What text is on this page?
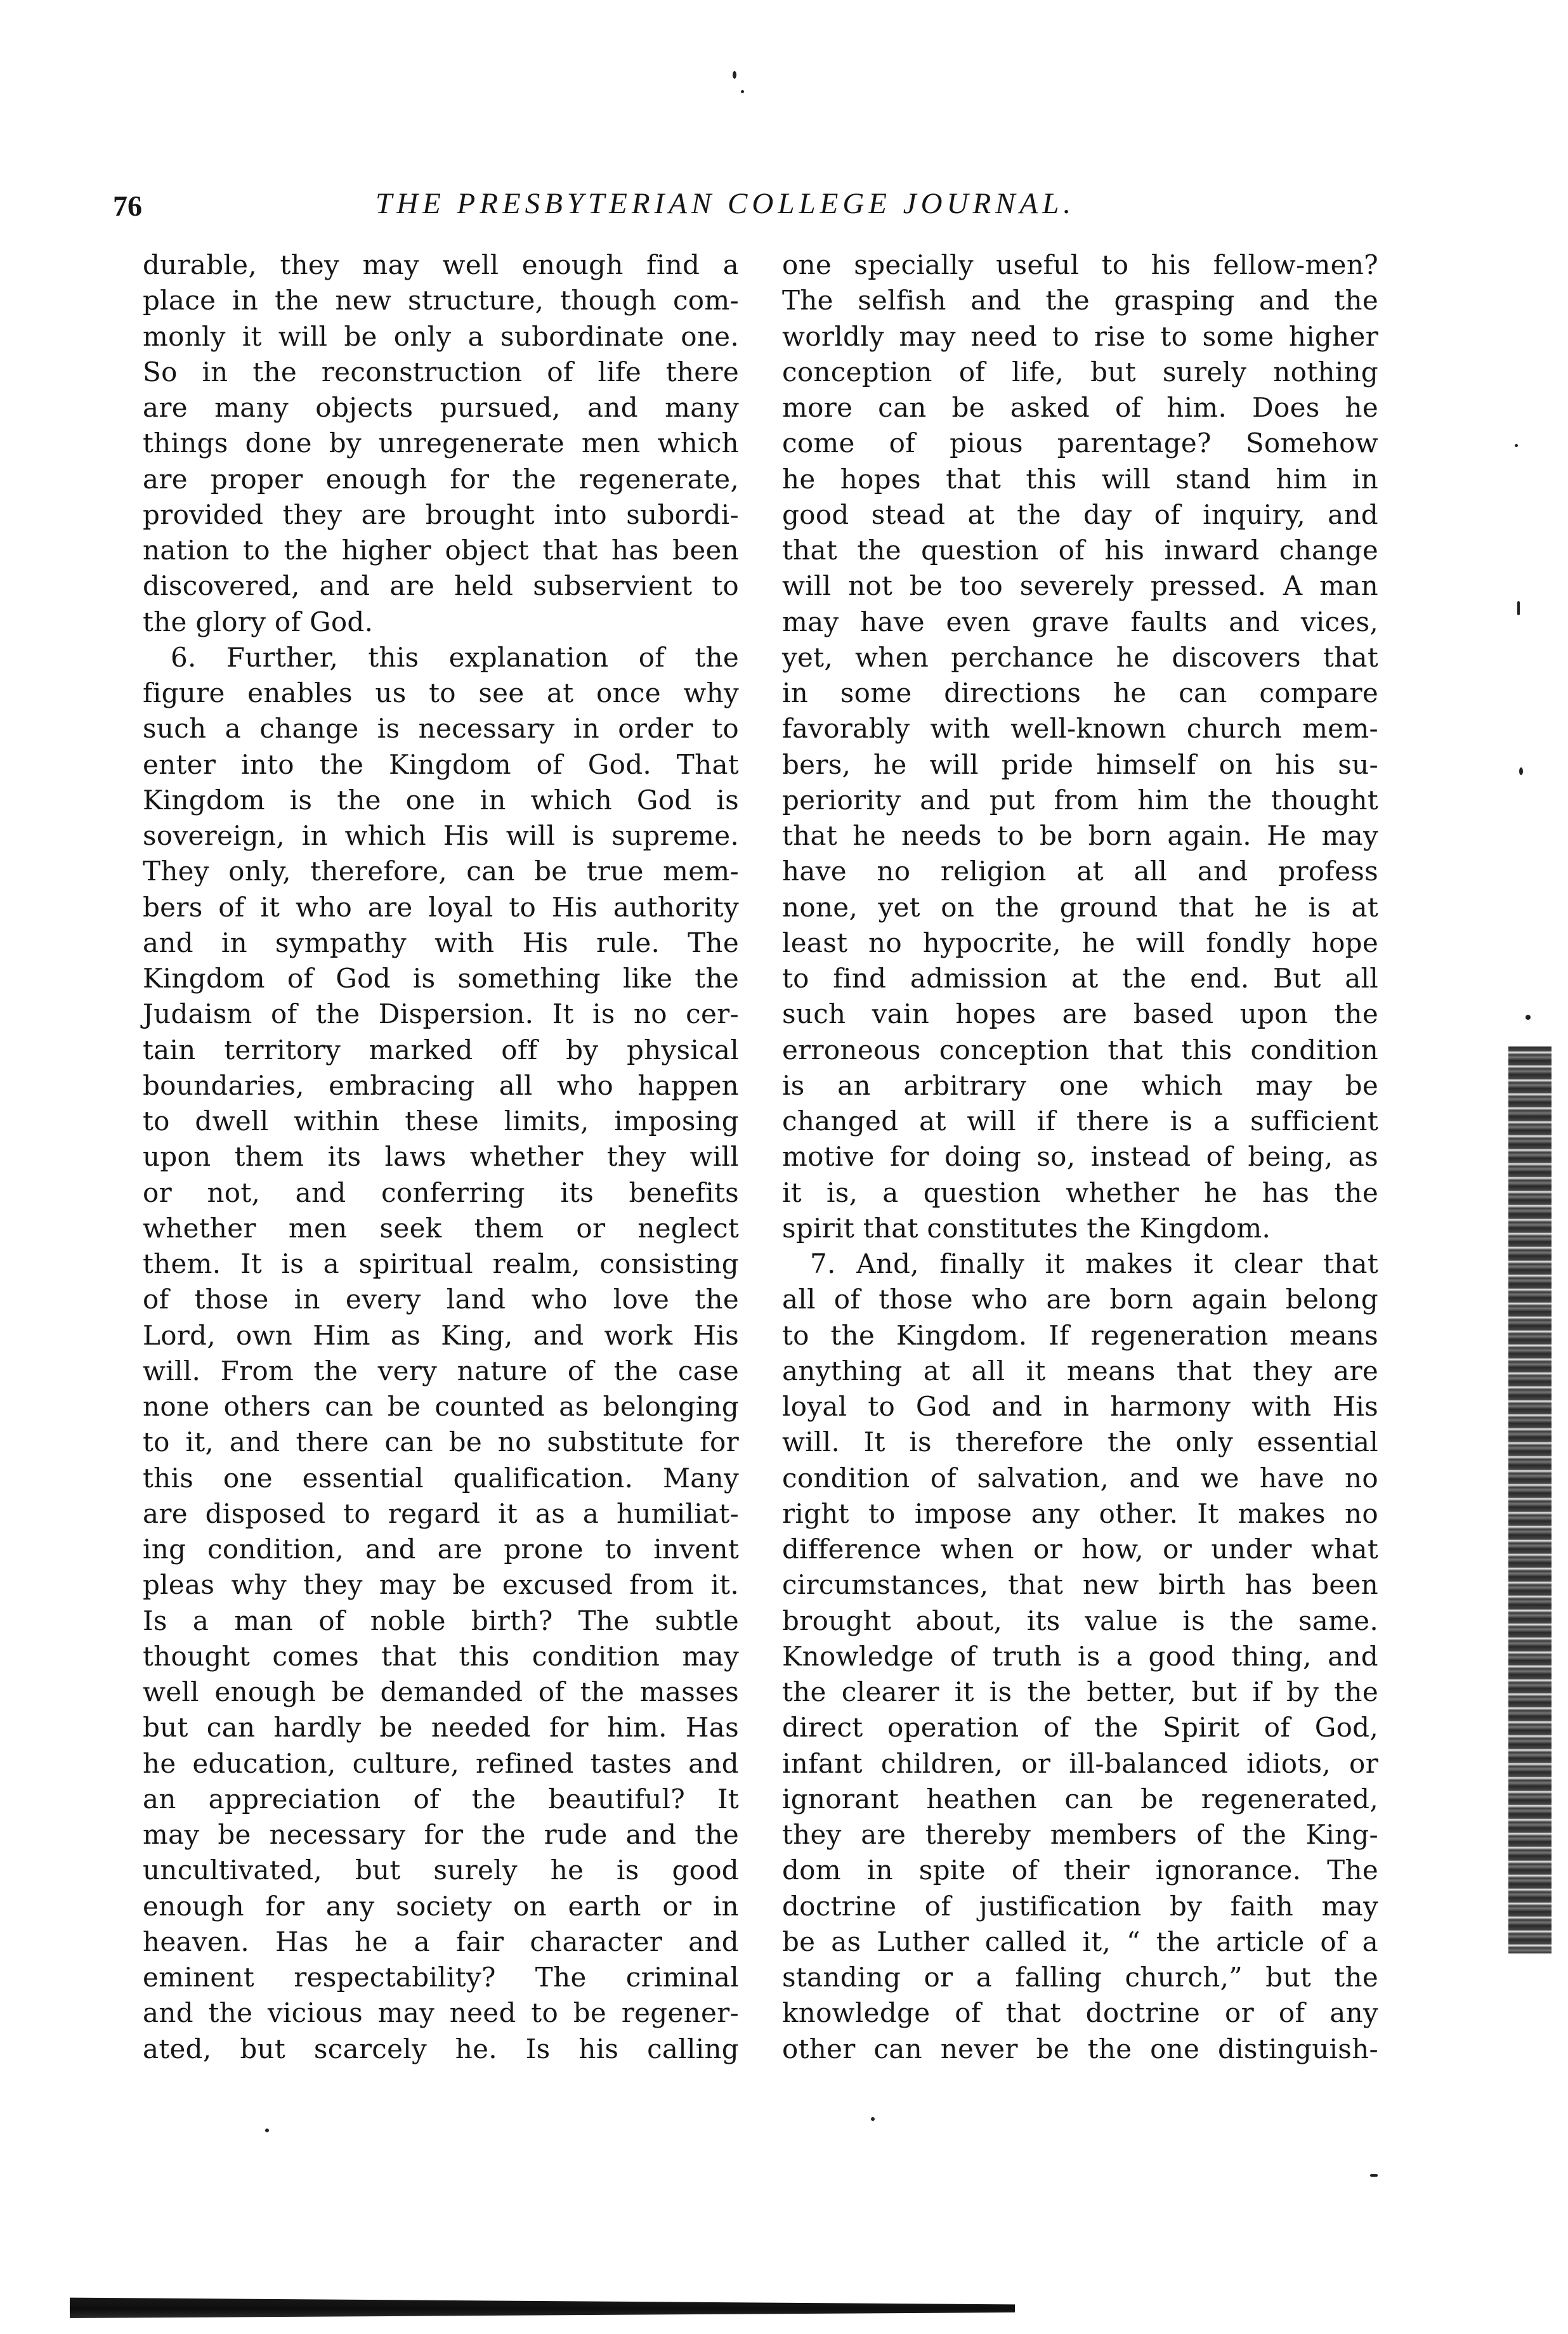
76	THE PRESBYTERIAN COLLEGE JOURNAL.
durable, they may well enough find a
place in the new structure, though com-
monly it will be only a subordinate one.
So in the reconstruction of life there
are many objects pursued, and many
things done by unregenerate men which
are proper enough for the regenerate,
provided they are brought into subordi-
nation to the higher object that has been
discovered, and are held subservient to
the glory of God.
6. Further, this explanation of the
figure enables us to see at once why
such a change is necessary in order to
enter into the Kingdom of God. That
Kingdom is the one in which God is
sovereign, in which His will is supreme.
They only, therefore, can be true mem-
bers of it who are loyal to His authority
and in sympathy with His rule. The
Kingdom of God is something like the
Judaism of the Dispersion. It is no cer-
tain territory marked off by physical
boundaries, embracing all who happen
to dwell within these limits, imposing
upon them its laws whether they will
or not, and conferring its benefits
whether men seek them or neglect
them. It is a spiritual realm, consisting
of those in every land who love the
Lord, own Him as King, and work His
will. From the very nature of the case
none others can be counted as belonging
to it, and there can be no substitute for
this one essential qualification. Many
are disposed to regard it as a humiliat-
ing condition, and are prone to invent
pleas why they may be excused from it.
Is a man of noble birth? The subtle
thought comes that this condition may
well enough be demanded of the masses
but can hardly be needed for him. Has
he education, culture, refined tastes and
an appreciation of the beautiful? It
may be necessary for the rude and the
uncultivated, but surely he is good
enough for any society on earth or in
heaven. Has he a fair character and
eminent respectability? The criminal
and the vicious may need to be regener-
ated, but scarcely he. Is his calling
one specially useful to his fellow-men?
The selfish and the grasping and the
worldly may need to rise to some higher
conception of life, but surely nothing
more can be asked of him. Does he
come of pious parentage? Somehow
he hopes that this will stand him in
good stead at the day of inquiry, and
that the question of his inward change
will not be too severely pressed. A man
may have even grave faults and vices,
yet, when perchance he discovers that
in some directions he can compare
favorably with well-known church mem-
bers, he will pride himself on his su-
periority and put from him the thought
that he needs to be born again. He may
have no religion at all and profess
none, yet on the ground that he is at
least no hypocrite, he will fondly hope
to find admission at the end. But all
such vain hopes are based upon the
erroneous conception that this condition
is an arbitrary one which may be
changed at will if there is a sufficient
motive for doing so, instead of being, as
it is, a question whether he has the
spirit that constitutes the Kingdom.
7. And, finally it makes it clear that
all of those who are born again belong
to the Kingdom. If regeneration means
anything at all it means that they are
loyal to God and in harmony with His
will. It is therefore the only essential
condition of salvation, and we have no
right to impose any other. It makes no
difference when or how, or under what
circumstances, that new birth has been
brought about, its value is the same.
Knowledge of truth is a good thing, and
the clearer it is the better, but if by the
direct operation of the Spirit of God,
infant children, or ill-balanced idiots, or
ignorant heathen can be regenerated,
they are thereby members of the King-
dom in spite of their ignorance. The
doctrine of justification by faith may
be as Luther called it, “ the article of a
standing or a falling church,” but the
knowledge of that doctrine or of any
other can never be the one distinguish-
